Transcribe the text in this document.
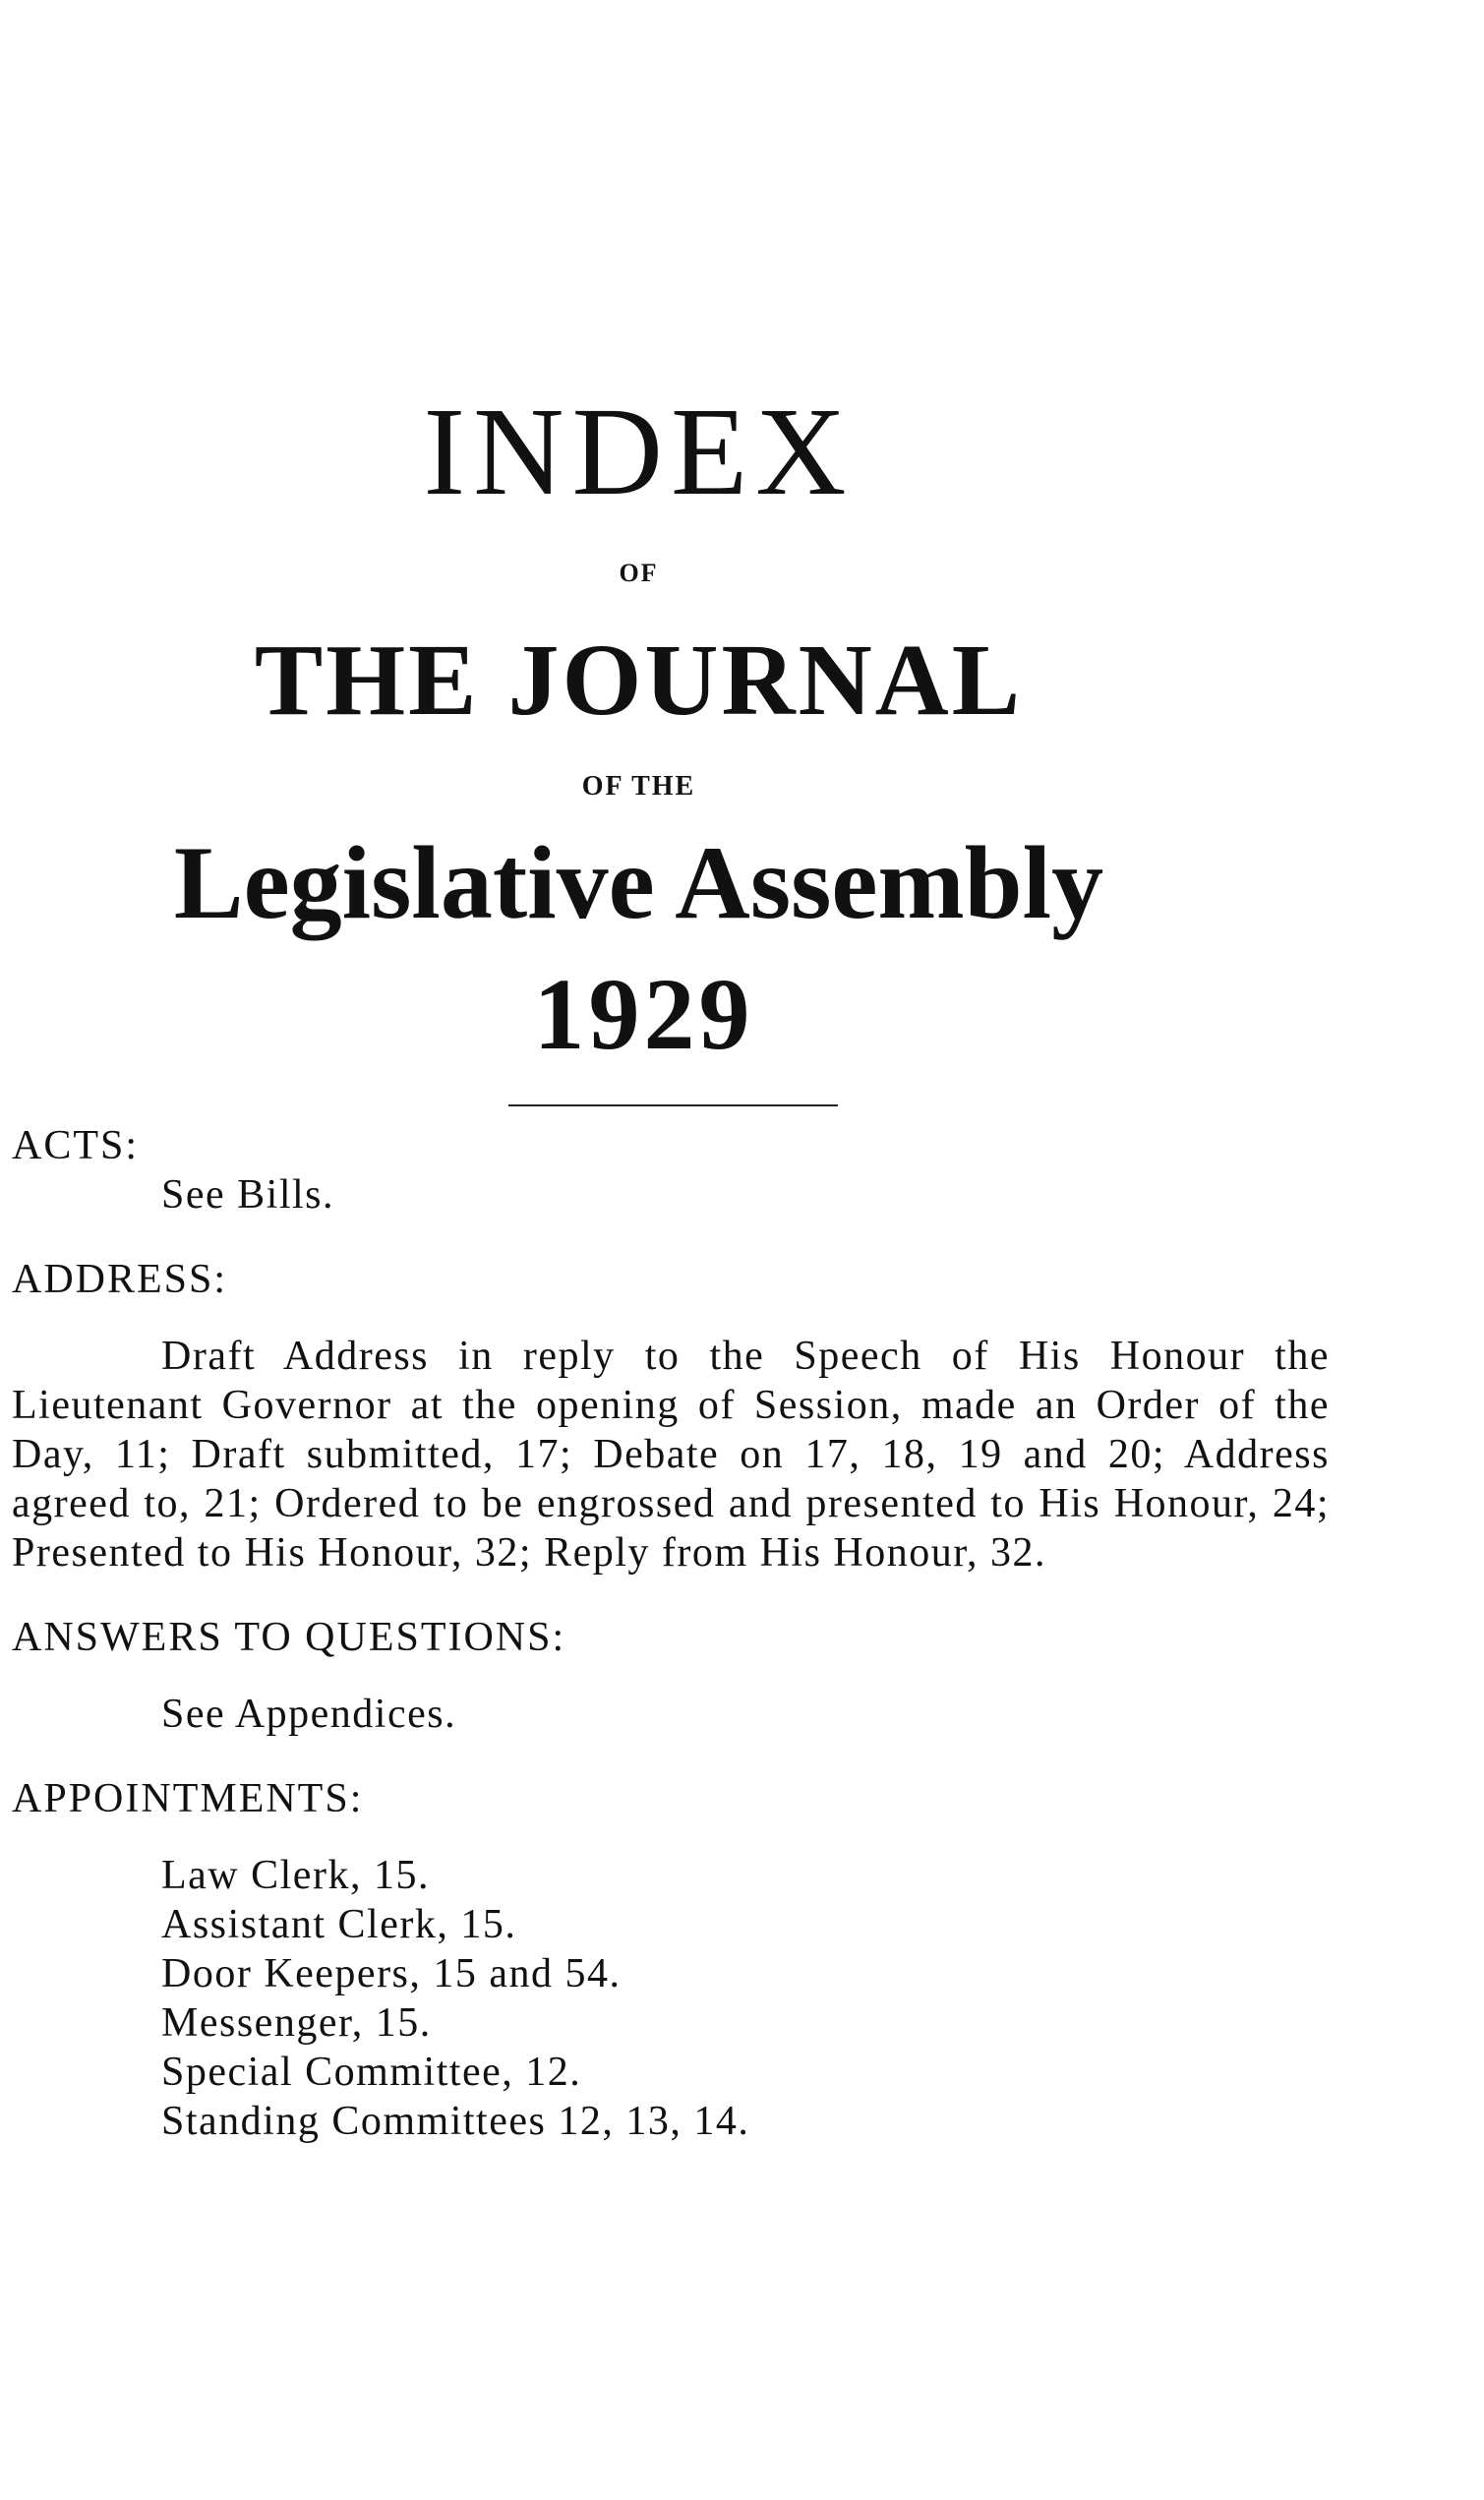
INDEX
OF
THE JOURNAL
OF THE
Legislative Assembly
1929

ACTS:

See Bills.

ADDRESS:

Draft Address in reply to the Speech of His Honour the Lieutenant Governor at the opening of Session, made an Order of the Day, 11; Draft submitted, 17; Debate on 17, 18, 19 and 20; Address agreed to, 21; Ordered to be engrossed and presented to His Honour, 24; Presented to His Honour, 32; Reply from His Honour, 32.

ANSWERS TO QUESTIONS:

See Appendices.

APPOINTMENTS:

Law Clerk, 15.
Assistant Clerk, 15.
Door Keepers, 15 and 54.
Messenger, 15.
Special Committee, 12.
Standing Committees 12, 13, 14.
